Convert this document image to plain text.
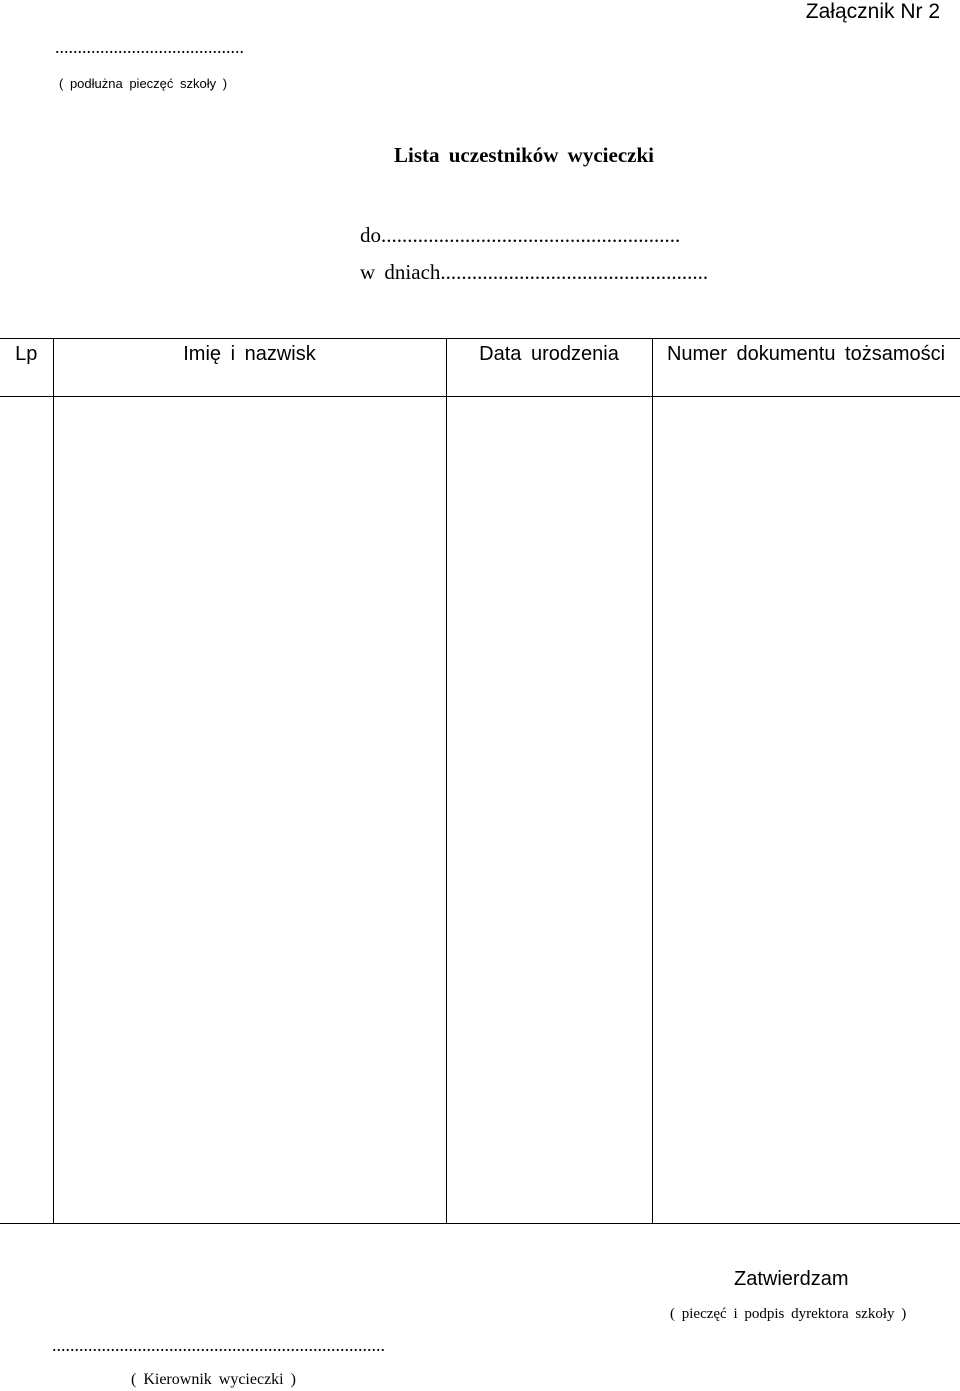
Załącznik Nr 2
..........................................
( podłużna pieczęć szkoły )
Lista uczestników wycieczki
do.........................................................
w dniach...................................................
Lp	Imię i nazwisk	Data urodzenia	Numer dokumentu tożsamości

Zatwierdzam
( pieczęć i podpis dyrektora szkoły )
..........................................................................
( Kierownik wycieczki )
